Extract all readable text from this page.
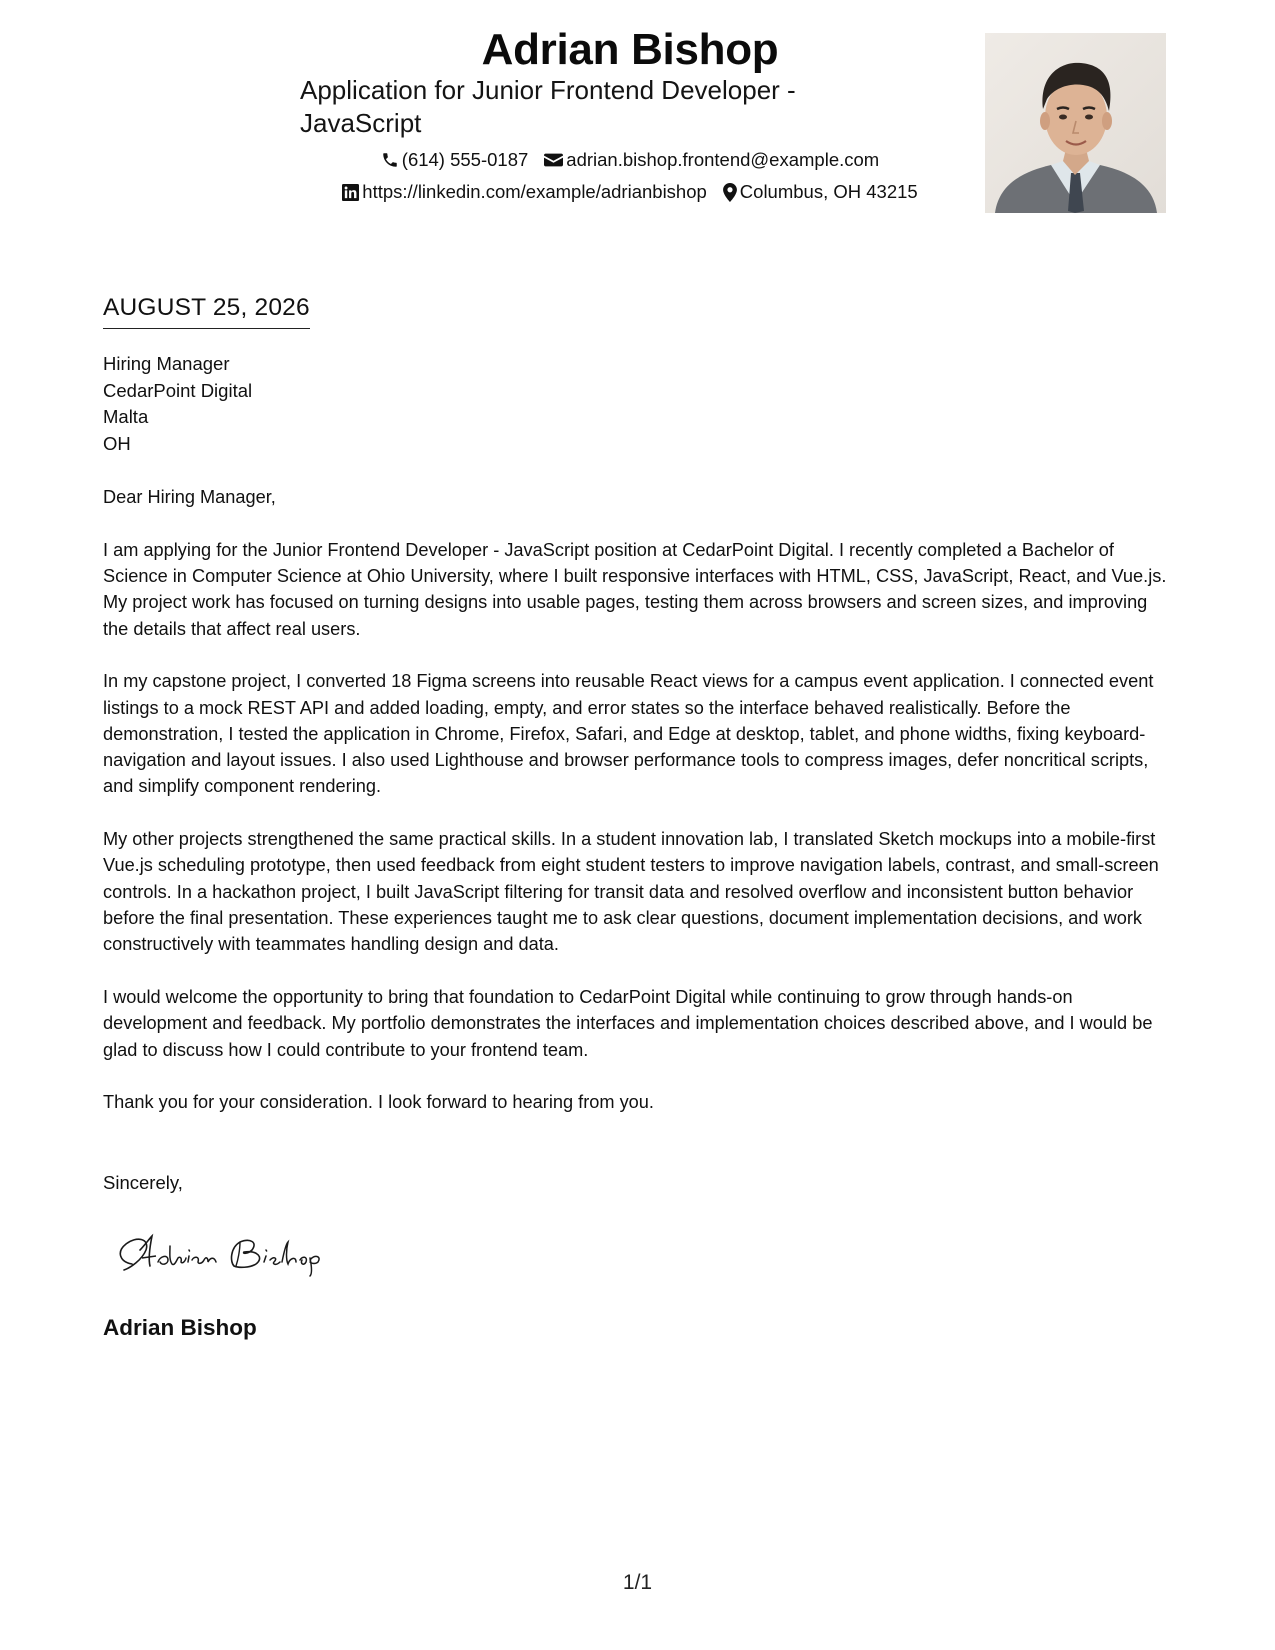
Adrian Bishop
Application for Junior Frontend Developer - JavaScript
(614) 555-0187 adrian.bishop.frontend@example.com
https://linkedin.com/example/adrianbishop Columbus, OH 43215
AUGUST 25, 2026
Hiring Manager
CedarPoint Digital
Malta
OH

Dear Hiring Manager,

I am applying for the Junior Frontend Developer - JavaScript position at CedarPoint Digital. I recently completed a Bachelor of Science in Computer Science at Ohio University, where I built responsive interfaces with HTML, CSS, JavaScript, React, and Vue.js. My project work has focused on turning designs into usable pages, testing them across browsers and screen sizes, and improving the details that affect real users.

In my capstone project, I converted 18 Figma screens into reusable React views for a campus event application. I connected event listings to a mock REST API and added loading, empty, and error states so the interface behaved realistically. Before the demonstration, I tested the application in Chrome, Firefox, Safari, and Edge at desktop, tablet, and phone widths, fixing keyboard-navigation and layout issues. I also used Lighthouse and browser performance tools to compress images, defer noncritical scripts, and simplify component rendering.

My other projects strengthened the same practical skills. In a student innovation lab, I translated Sketch mockups into a mobile-first Vue.js scheduling prototype, then used feedback from eight student testers to improve navigation labels, contrast, and small-screen controls. In a hackathon project, I built JavaScript filtering for transit data and resolved overflow and inconsistent button behavior before the final presentation. These experiences taught me to ask clear questions, document implementation decisions, and work constructively with teammates handling design and data.

I would welcome the opportunity to bring that foundation to CedarPoint Digital while continuing to grow through hands-on development and feedback. My portfolio demonstrates the interfaces and implementation choices described above, and I would be glad to discuss how I could contribute to your frontend team.

Thank you for your consideration. I look forward to hearing from you.

Sincerely,
Adrian Bishop
1/1
